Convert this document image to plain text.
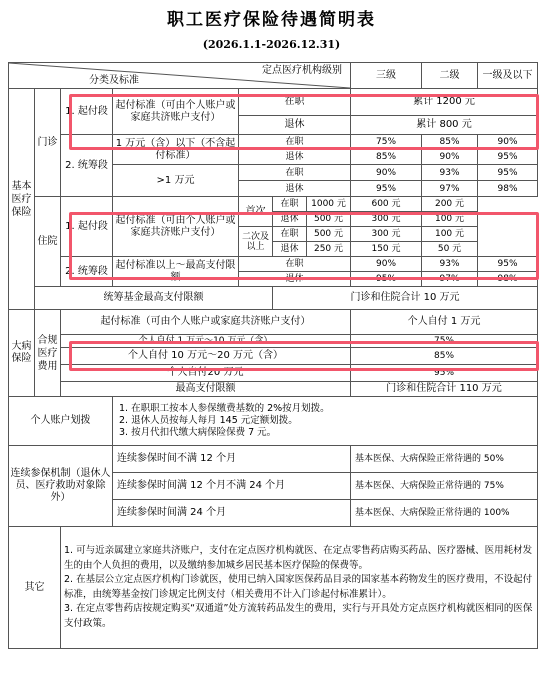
职工医疗保险待遇简明表
(2026.1.1-2026.12.31)
定点医疗机构级别
分类及标准							三级	二级	一级及以下
基本医疗保险	门诊	1. 起付段	起付标准（可由个人账户或家庭共济账户支付）	在职			累计 1200 元		
				退休			累计 800 元		
		2. 统筹段	1 万元（含）以下（不含起付标准）	在职			75%	85%	90%
				退休			85%	90%	95%
			>1 万元	在职			90%	93%	95%
				退休			95%	97%	98%
	住院	1. 起付段	起付标准（可由个人账户或家庭共济账户支付）	首次	在职	1000 元	600 元	200 元	
					退休	500 元	300 元	100 元	
				二次及以上	在职	500 元	300 元	100 元	
					退休	250 元	150 元	50 元	
		2. 统筹段	起付标准以上～最高支付限额	在职			90%	93%	95%
				退休			95%	97%	98%
	统筹基金最高支付限额				门诊和住院合计 10 万元				
大病保险	合规医疗费用	起付标准（可由个人账户或家庭共济账户支付）					个人自付 1 万元		
		个人自付 1 万元～10 万元（含）					75%		
		个人自付 10 万元～20 万元（含）					85%		
		个人自付20 万元					95%		
		最高支付限额					门诊和住院合计 110 万元		
个人账户划拨			1. 在职职工按本人参保缴费基数的 2%按月划拨。
2. 退休人员按每人每月 145 元定额划拨。
3. 按月代扣代缴大病保险保费 7 元。						

连续参保机制（退休人员、医疗救助对象除外）			连续参保时间不满 12 个月				基本医保、大病保险正常待遇的 50%		
			连续参保时间满 12 个月不满 24 个月				基本医保、大病保险正常待遇的 75%		
			连续参保时间满 24 个月				基本医保、大病保险正常待遇的 100%		
其它		1. 可与近亲属建立家庭共济账户，支付在定点医疗机构就医、在定点零售药店购买药品、医疗器械、医用耗材发生的由个人负担的费用，以及缴纳参加城乡居民基本医疗保险的保费等。
2. 在基层公立定点医疗机构门诊就医，使用已纳入国家医保药品目录的国家基本药物发生的医疗费用，不设起付标准，由统筹基金按门诊规定比例支付（相关费用不计入门诊起付标准累计）。
3. 在定点零售药店按规定购买“双通道”处方流转药品发生的费用，实行与开具处方定点医疗机构就医相同的医保支付政策。							
